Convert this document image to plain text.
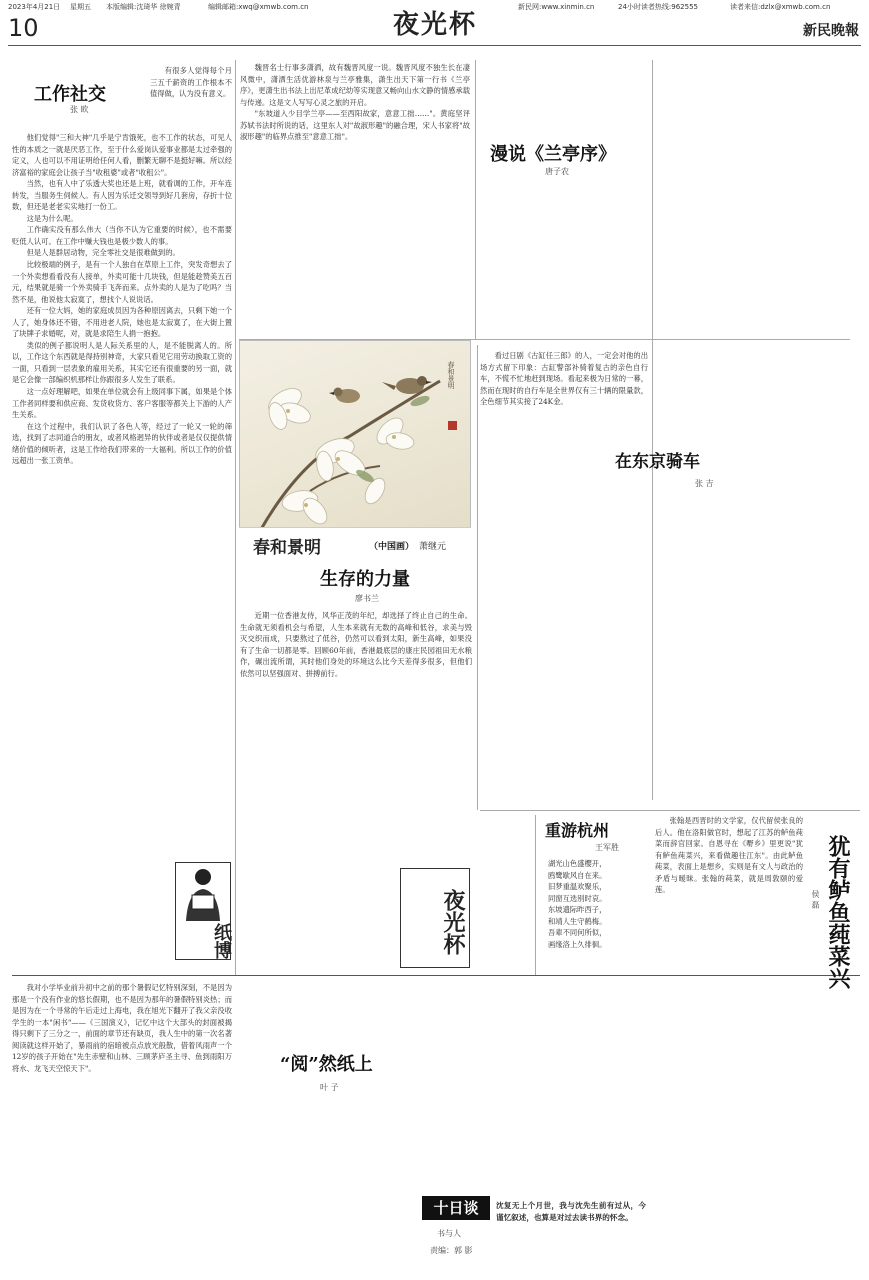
2023年4月21日 星期五 本版编辑:沈琦华 徐婉青	编辑邮箱:xwq@xmwb.com.cn
10	夜光杯
新民网:www.xinmin.cn	24小时读者热线:962555	读者来信:dzlx@xmwb.com.cn
新民晚報
工作社交
张 欧

有很多人觉得每个月三五千薪资的工作根本不值得做，认为没有意义。

他们觉得"三和大神"几乎是宁肯饿死，也不工作的状态，可见人性的本质之一就是厌恶工作，至于什么爱岗认爱事业都是太过牵强的定义，人也可以不用证明给任何人看，删繁无聊不是挺好嘛。所以经济富裕的家庭会让孩子当"收租婆"或者"收租公"。

当然，也有人中了乐透大奖也还是上班，就看调的工作，开车连转发，当服务生伺候人。有人因为乐迁交领导到好几套房，存折十位数，但还是老老实实地打一份工。

这是为什么呢。

工作确实没有那么伟大（当你不认为它重要的时候），也不需要贬低人认可。在工作中赚大钱也是极少数人的事。

但是人是群居动物，完全零社交是很难做到的。

比较极端的例子，是有一个人独自在草原上工作，突发奇想去了一个外卖想看看没有人接单，外卖可能十几块钱，但是能趁赞美五百元，结果就是骑一个外卖骑手飞奔而来。点外卖的人是为了吃吗？当然不是，他说他太寂寞了，想找个人说说话。

还有一位大妈，她的家庭成员因为各种原因离去，只剩下她一个人了，她身体还不错，不用进老人院，她也是太寂寞了，在大街上置了块牌子求婚呢，对，就是求陪生人捐一抱抱。

类似的例子都说明人是人际关系里的人，是不能脱离人的。所以，工作这个东西就是得持别神奇，大家只看见它用劳动换取工资的一面，只看到一层表象的雇用关系，其实它还有很重要的另一面，就是它会像一部编织机那样让你跟很多人发生了联系。

这一点好理解吧，如果在单位就会有上级同事下属，如果是个体工作者同样要和供应商、发货收货方、客户客服等都关上下游的人产生关系。

在这个过程中，我们认识了各色人等，经过了一轮又一轮的筛选，找到了志同道合的朋友，或者风格迥异的伙伴或者是仅仅提供情绪价值的倾听者，这是工作给我们带来的一大福利。所以工作的价值远超出一张工资单。

纸博

魏晋名士行事多潇洒，故有魏晋风度一说。魏晋风度不独生长在凄风微中，潇洒生活优游林泉与兰亭雅集，潇生出天下第一行书《兰亭序》，更潇生出书法上出尼革成纪幼等实现意又畅向山水文静的情感承载与传递。这是文人写写心灵之旅的开启。

"东坡道入少目学兰亭——至西阳故家，意意工拙……"。黄庭坚评苏轼书法时所说的话，这里东人对"故淑形趣"的融合理，宋人书家将"故淑形趣"的临界点推至"意意工拙"。

漫说《兰亭序》
唐子农
犹有鲈鱼莼菜兴
侯 磊

张翰是西晋时的文学家，仅代留侯张良的后人。他在洛阳做官时，想起了江苏的鲈鱼莼菜而辞官回家。自恩寻在《嘢乡》里更说"犹有鲈鱼莼菜兴，来看做趣往江东"。由此鲈鱼莼菜，表面上是想乡，实则是有文人与政治的矛盾与暧昧。张翰的莼菜，就是周敦颐的爱莲。

春和景明
春和景明	（中国画） 萧继元
生存的力量
廖书兰

近期一位香港友侍，风华正茂的年纪，却选择了终止自己的生命。生命就无须看机会与希望，人生本来就有无数的高峰和低谷，求美与毁灭交织而成，只要熬过了低谷，仍然可以看到太阳，新生高峰，如果没有了生命一切都是零。回顾60年前，香港最底层的康庄民园祖田无水粮作，碾出流所谓，其时他们身处的环境这么比今天差得多很多，但他们依然可以坚强面对、拼搏前行。

夜光杯

看过日剧《古缸任三郎》的人，一定会对他的出场方式留下印象：古缸警部补骑着复古的亲色自行车，不慌不忙地赶到现场。看起来极为日常的一幕，然而在现时的自行车是全世界仅有三十辆的限量款，全色细节其实接了24K金。

在东京骑车
张 吉
重游杭州
王军胜
湖光山色盛樱开，
鸥鹭歇风自在来。
旧梦重温欢聚乐，
同窗互选别时哀。
东坡遗际昨西子，
和靖人生守鹤梅。
吾辈不同何所似，
画缘洛上久徘徊。

我对小学毕业前升初中之前的那个暑假记忆特别深刻，不是因为那是一个没有作业的悠长假期，也不是因为那年的暑假特别炎热；而是因为在一个寻常的午后走过上海电，我在旭光下翻开了我父亲没收学生的一本"闲书"——《三国演义》，记忆中这个大部头的封面被揭得只剩下了三分之一，前面的章节还有缺页，我人生中的第一次名著阅读就这样开始了，暴雨前的宿暗被点点放光般散，借着风雨声一个12岁的孩子开始在"先生赤壁和山林、三顾茅庐圣主寻、鱼到雨阳万将水、龙飞天空惊天下"。	“阅”然纸上
叶 子
十日谈
书与人
责编：郭 影
沈复无上个月世，我与沈先生前有过从，今谨忆叙述，也算是对过去读书界的怀念。
